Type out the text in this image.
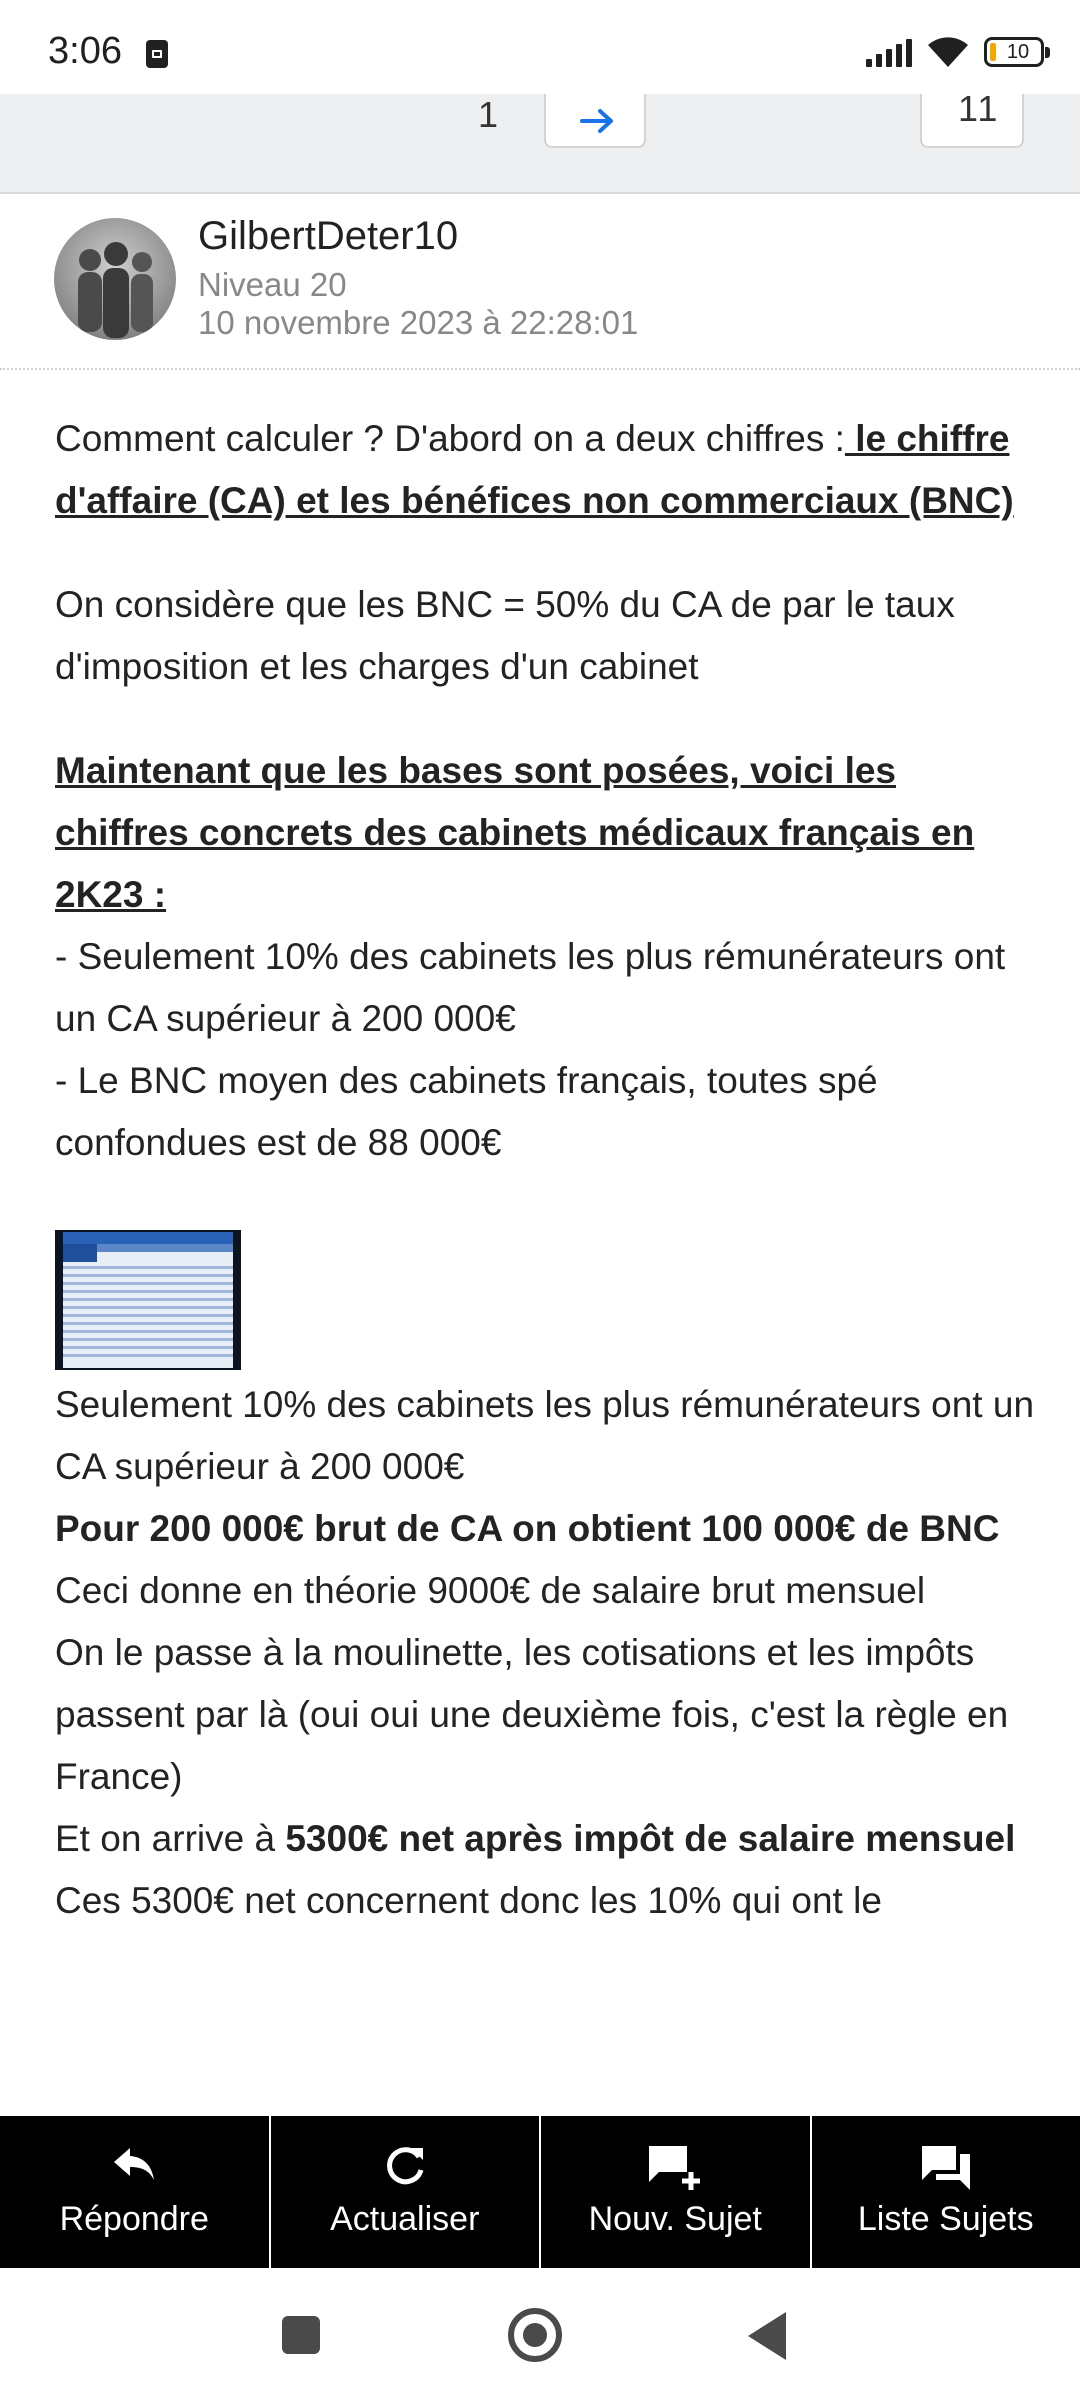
3:06	10
1	11
GilbertDeter10
Niveau 20
10 novembre 2023 à 22:28:01

Comment calculer ? D'abord on a deux chiffres : le chiffre d'affaire (CA) et les bénéfices non commerciaux (BNC)

On considère que les BNC = 50% du CA de par le taux d'imposition et les charges d'un cabinet

Maintenant que les bases sont posées, voici les chiffres concrets des cabinets médicaux français en 2K23 :

- Seulement 10% des cabinets les plus rémunérateurs ont un CA supérieur à 200 000€

- Le BNC moyen des cabinets français, toutes spé confondues est de 88 000€

Seulement 10% des cabinets les plus rémunérateurs ont un CA supérieur à 200 000€

Pour 200 000€ brut de CA on obtient 100 000€ de BNC

Ceci donne en théorie 9000€ de salaire brut mensuel

On le passe à la moulinette, les cotisations et les impôts passent par là (oui oui une deuxième fois, c'est la règle en France)

Et on arrive à 5300€ net après impôt de salaire mensuel

Ces 5300€ net concernent donc les 10% qui ont le

Répondre	Actualiser	Nouv. Sujet	Liste Sujets
